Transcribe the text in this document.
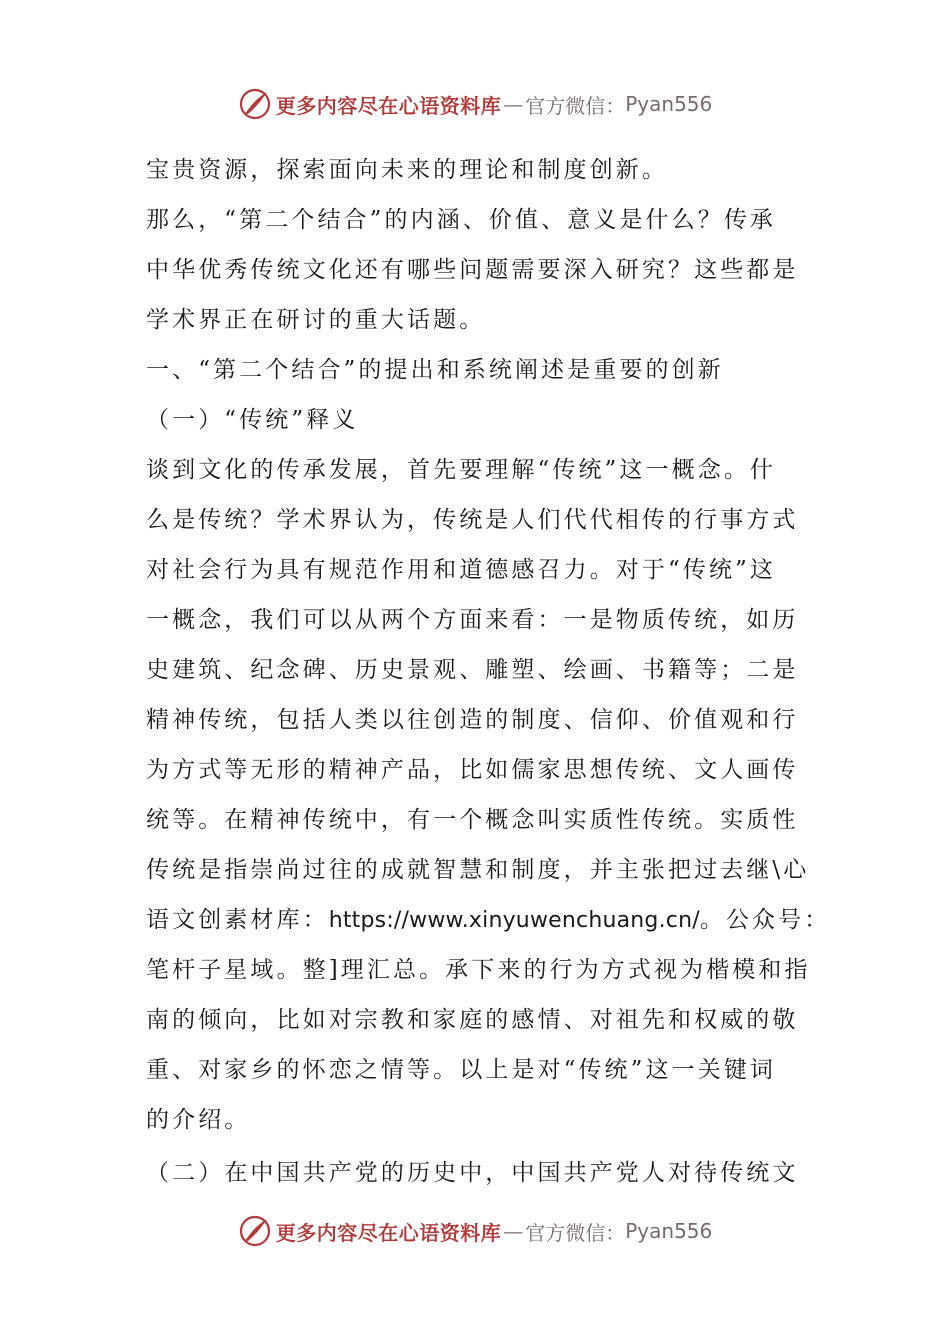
更多内容尽在心语资料库 — 官方微信： Pyan556
宝贵资源，探索面向未来的理论和制度创新。
那么，“第二个结合”的内涵、价值、意义是什么？传承
中华优秀传统文化还有哪些问题需要深入研究？这些都是
学术界正在研讨的重大话题。
一、“第二个结合”的提出和系统阐述是重要的创新
（一）“传统”释义
谈到文化的传承发展，首先要理解“传统”这一概念。什
么是传统？学术界认为，传统是人们代代相传的行事方式
对社会行为具有规范作用和道德感召力。对于“传统”这
一概念，我们可以从两个方面来看：一是物质传统，如历
史建筑、纪念碑、历史景观、雕塑、绘画、书籍等；二是
精神传统，包括人类以往创造的制度、信仰、价值观和行
为方式等无形的精神产品，比如儒家思想传统、文人画传
统等。在精神传统中，有一个概念叫实质性传统。实质性
传统是指崇尚过往的成就智慧和制度，并主张把过去继\心
语文创素材库：https://www.xinyuwenchuang.cn/。公众号：
笔杆子星域。整]理汇总。承下来的行为方式视为楷模和指
南的倾向，比如对宗教和家庭的感情、对祖先和权威的敬
重、对家乡的怀恋之情等。以上是对“传统”这一关键词
的介绍。
（二）在中国共产党的历史中，中国共产党人对待传统文
更多内容尽在心语资料库 — 官方微信： Pyan556
